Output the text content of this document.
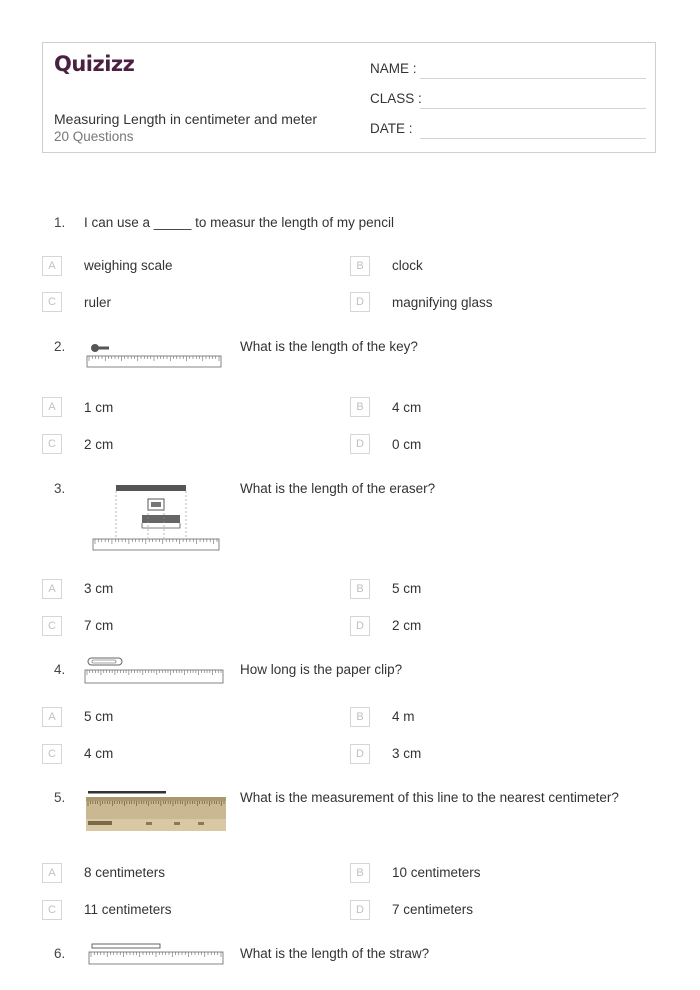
Quizizz
Measuring Length in centimeter and meter
20 Questions
NAME :
CLASS :
DATE :
1. I can use a _____ to measur the length of my pencil
A	weighing scale	B	clock
C	ruler	D	magnifying glass
2.	What is the length of the key?
A	1 cm	B	4 cm
C	2 cm	D	0 cm
3.	What is the length of the eraser?
A	3 cm	B	5 cm
C	7 cm	D	2 cm
4.	How long is the paper clip?
A	5 cm	B	4 m
C	4 cm	D	3 cm
5.	What is the measurement of this line to the nearest centimeter?
A	8 centimeters	B	10 centimeters
C	11 centimeters	D	7 centimeters
6.	What is the length of the straw?
